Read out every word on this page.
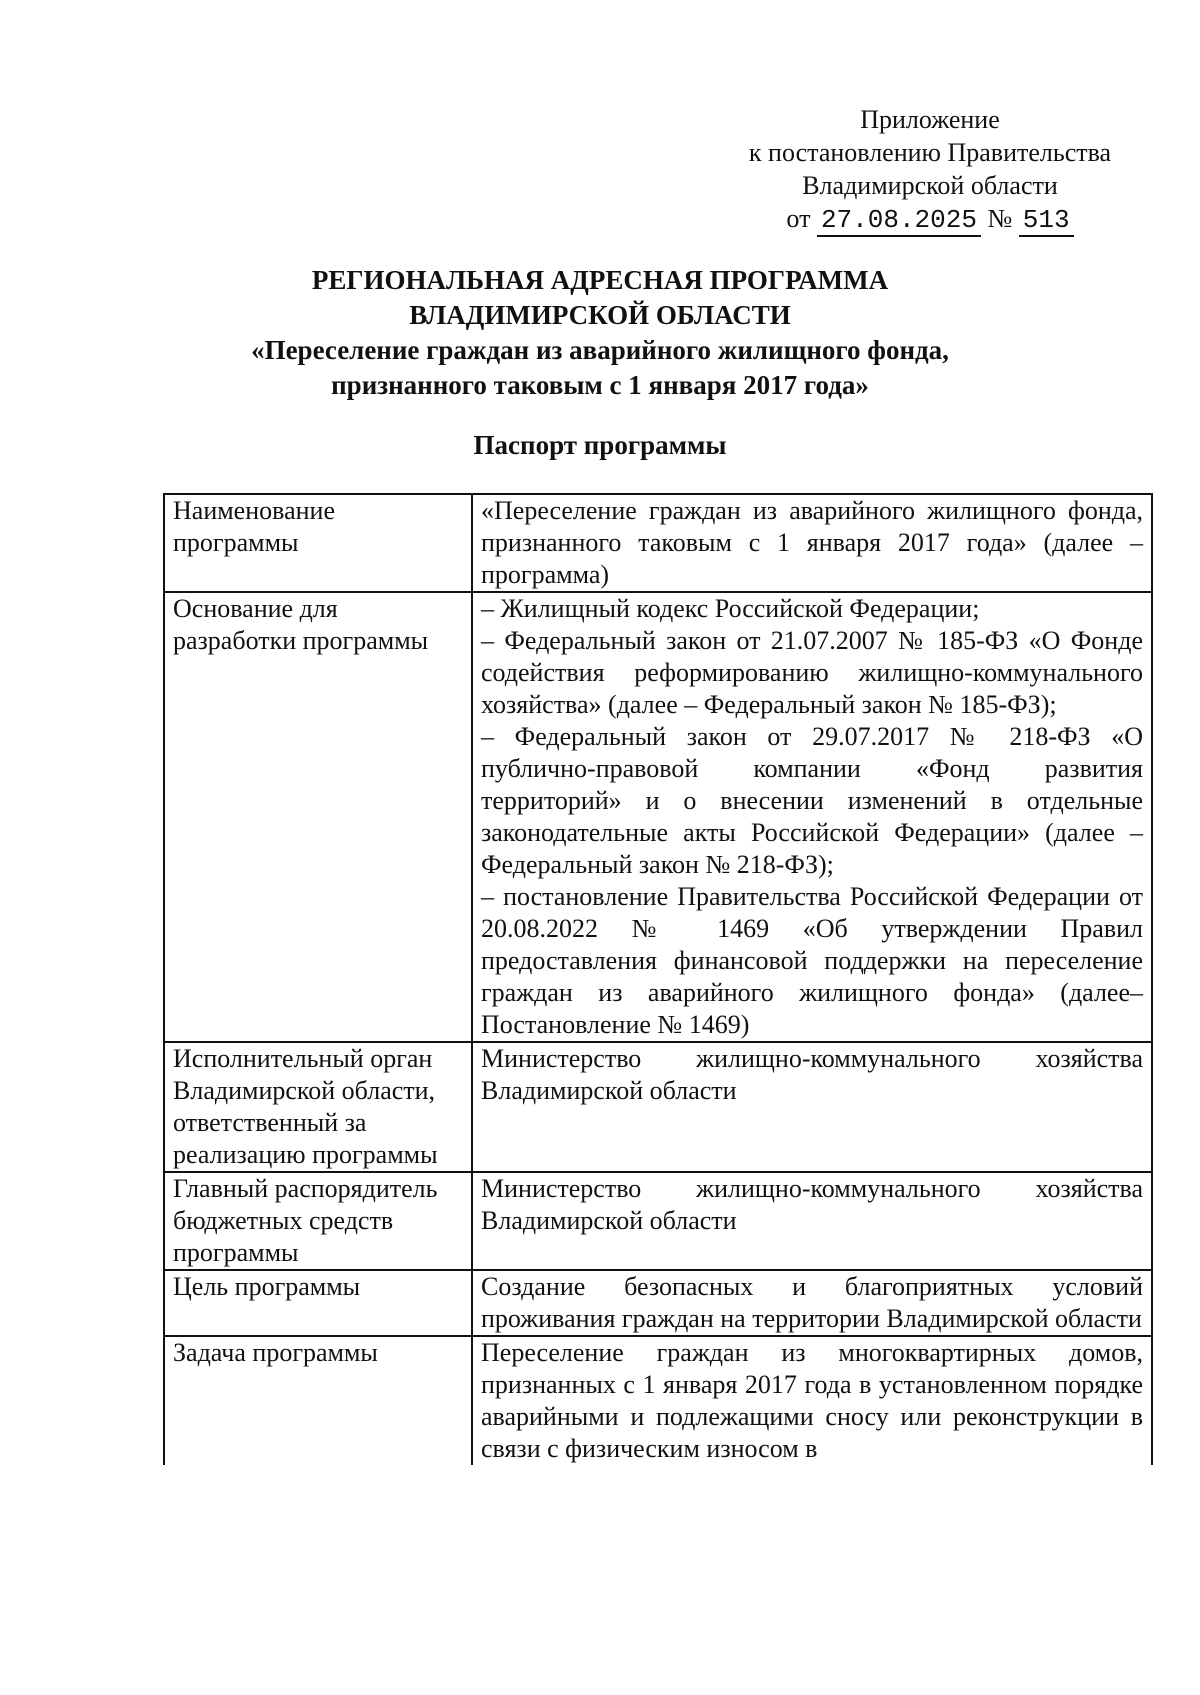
Приложение
к постановлению Правительства
Владимирской области
от 27.08.2025 № 513
РЕГИОНАЛЬНАЯ АДРЕСНАЯ ПРОГРАММА
ВЛАДИМИРСКОЙ ОБЛАСТИ
«Переселение граждан из аварийного жилищного фонда,
признанного таковым с 1 января 2017 года»
Паспорт программы
Наименование программы	«Переселение граждан из аварийного жилищного фонда, признанного таковым с 1 января 2017 года» (далее – программа)

Основание для разработки программы	– Жилищный кодекс Российской Федерации;
– Федеральный закон от 21.07.2007 № 185-ФЗ «О Фонде содействия реформированию жилищно-коммунального хозяйства» (далее – Федеральный закон № 185-ФЗ);
– Федеральный закон от 29.07.2017 № 218-ФЗ «О публично-правовой компании «Фонд развития территорий» и о внесении изменений в отдельные законодательные акты Российской Федерации» (далее – Федеральный закон № 218-ФЗ);
– постановление Правительства Российской Федерации от 20.08.2022 № 1469 «Об утверждении Правил предоставления финансовой поддержки на переселение граждан из аварийного жилищного фонда» (далее–Постановление № 1469)

Исполнительный орган Владимирской области, ответственный за реализацию программы	Министерство жилищно-коммунального хозяйства Владимирской области

Главный распорядитель бюджетных средств программы	Министерство жилищно-коммунального хозяйства Владимирской области

Цель программы	Создание безопасных и благоприятных условий проживания граждан на территории Владимирской области

Задача программы	Переселение граждан из многоквартирных домов, признанных с 1 января 2017 года в установленном порядке аварийными и подлежащими сносу или реконструкции в связи с физическим износом в
